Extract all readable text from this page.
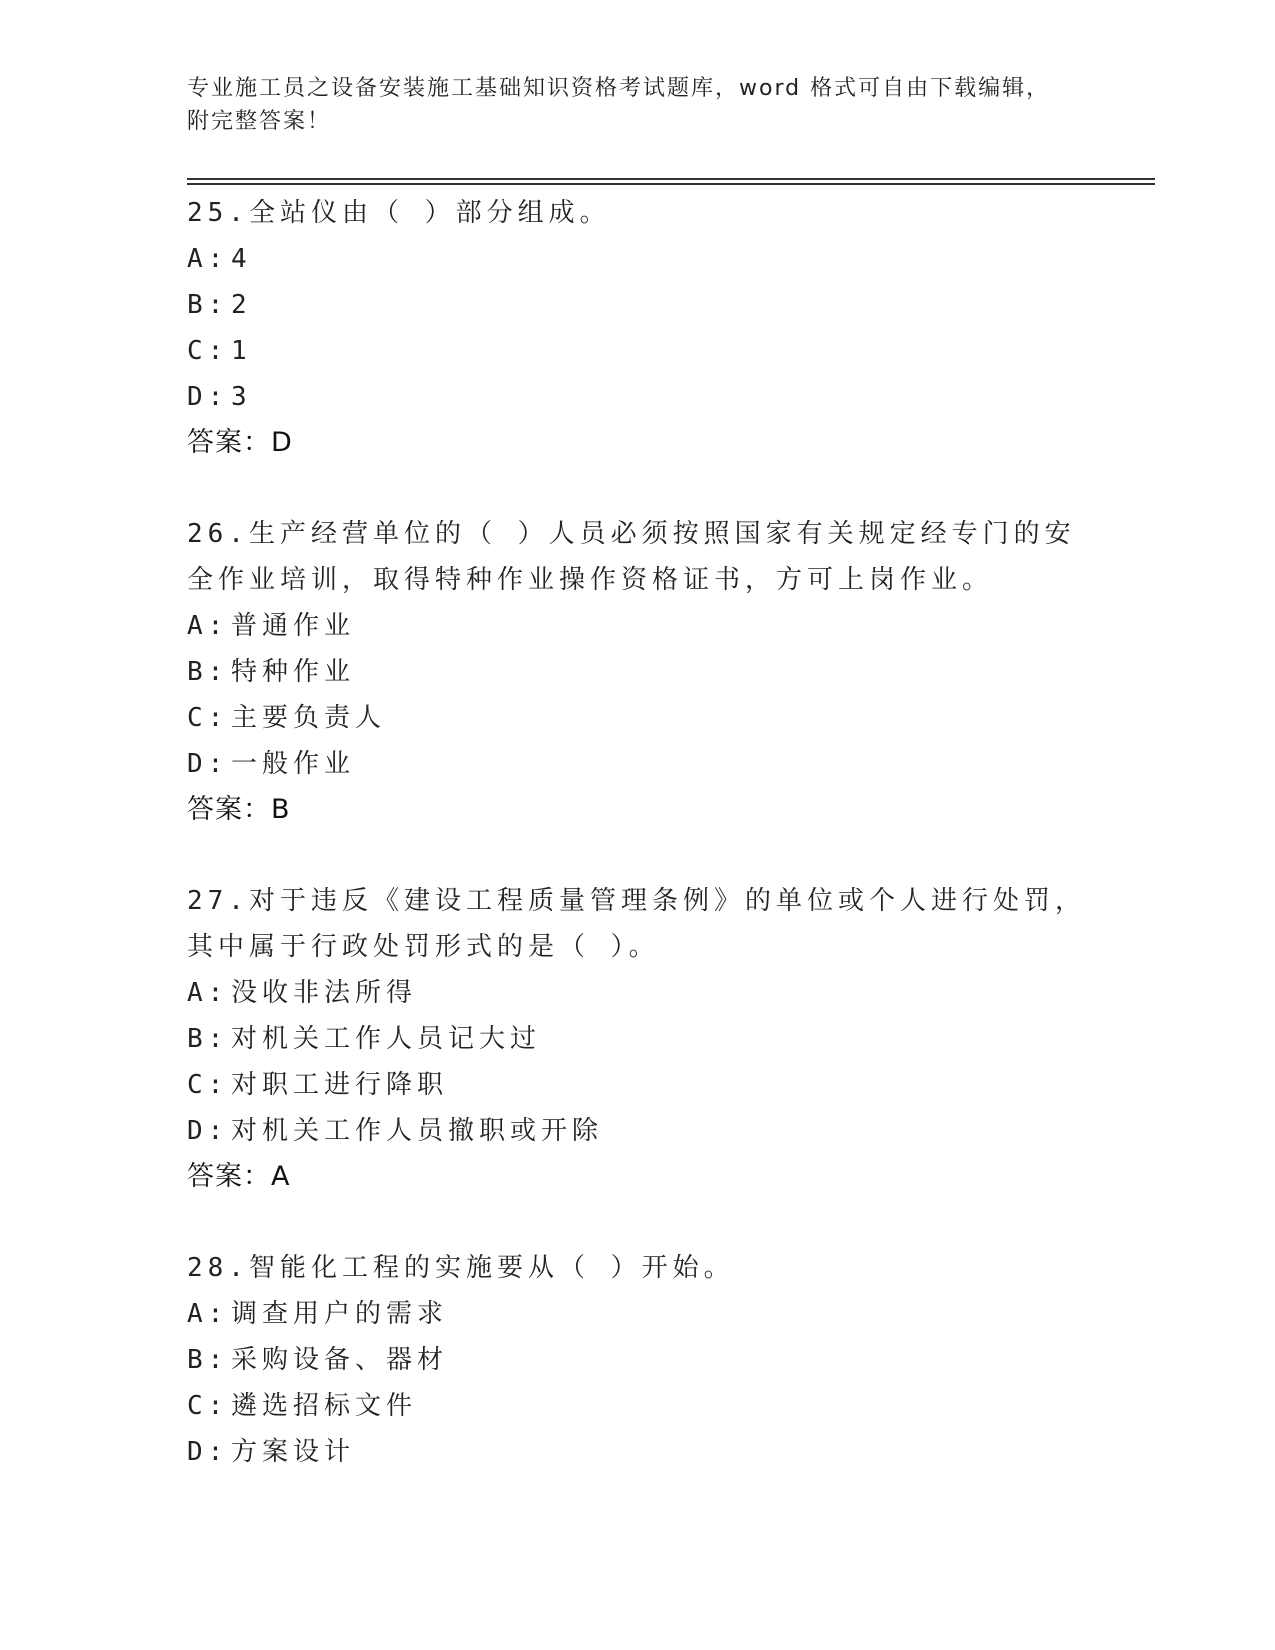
专业施工员之设备安装施工基础知识资格考试题库，word 格式可自由下载编辑，附完整答案！
25.全站仪由（ ）部分组成。
A: 4
B: 2
C: 1
D: 3
答案：D
26.生产经营单位的（ ）人员必须按照国家有关规定经专门的安全作业培训，取得特种作业操作资格证书，方可上岗作业。
A: 普通作业
B: 特种作业
C: 主要负责人
D: 一般作业
答案：B
27.对于违反《建设工程质量管理条例》的单位或个人进行处罚，其中属于行政处罚形式的是（ ）。
A: 没收非法所得
B: 对机关工作人员记大过
C: 对职工进行降职
D: 对机关工作人员撤职或开除
答案：A
28.智能化工程的实施要从（ ）开始。
A: 调查用户的需求
B: 采购设备、器材
C: 遴选招标文件
D: 方案设计
